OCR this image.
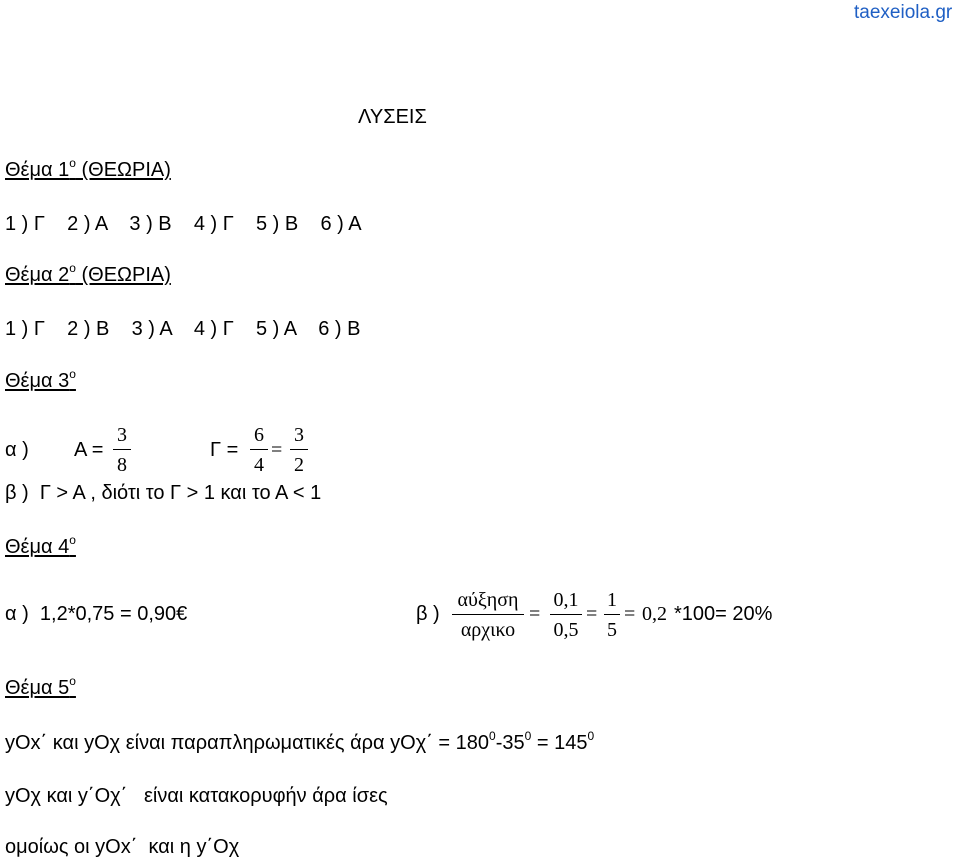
taexeiola.gr
ΛΥΣΕΙΣ
Θέμα $1^o$ (ΘΕΩΡΙΑ)
1 ) Γ    2 ) Α    3 ) Β    4 ) Γ    5 ) Β    6 ) Α
Θέμα $2^o$ (ΘΕΩΡΙΑ)
1 ) Γ    2 ) Β    3 ) Α    4 ) Γ    5 ) Α    6 ) Β
Θέμα $3^o$
α ) Α =
3
8
Γ =
6
4
=
3
2
β )  Γ > Α , διότι το Γ > 1 και το Α < 1
Θέμα $4^o$
α )  1,2*0,75 = 0,90€	β )
αύξηση
αρχικο
=
0,1
0,5
=
1
5
= 0,2 *100= 20%
Θέμα $5^o$
yOx΄ και yOχ είναι παραπληρωματικές άρα $yO\chi΄ = 180^0-35^0 = 145^0$
yOχ και y΄Οχ΄   είναι κατακορυφήν άρα ίσες
ομοίως οι yOx΄  και η y΄Οχ
